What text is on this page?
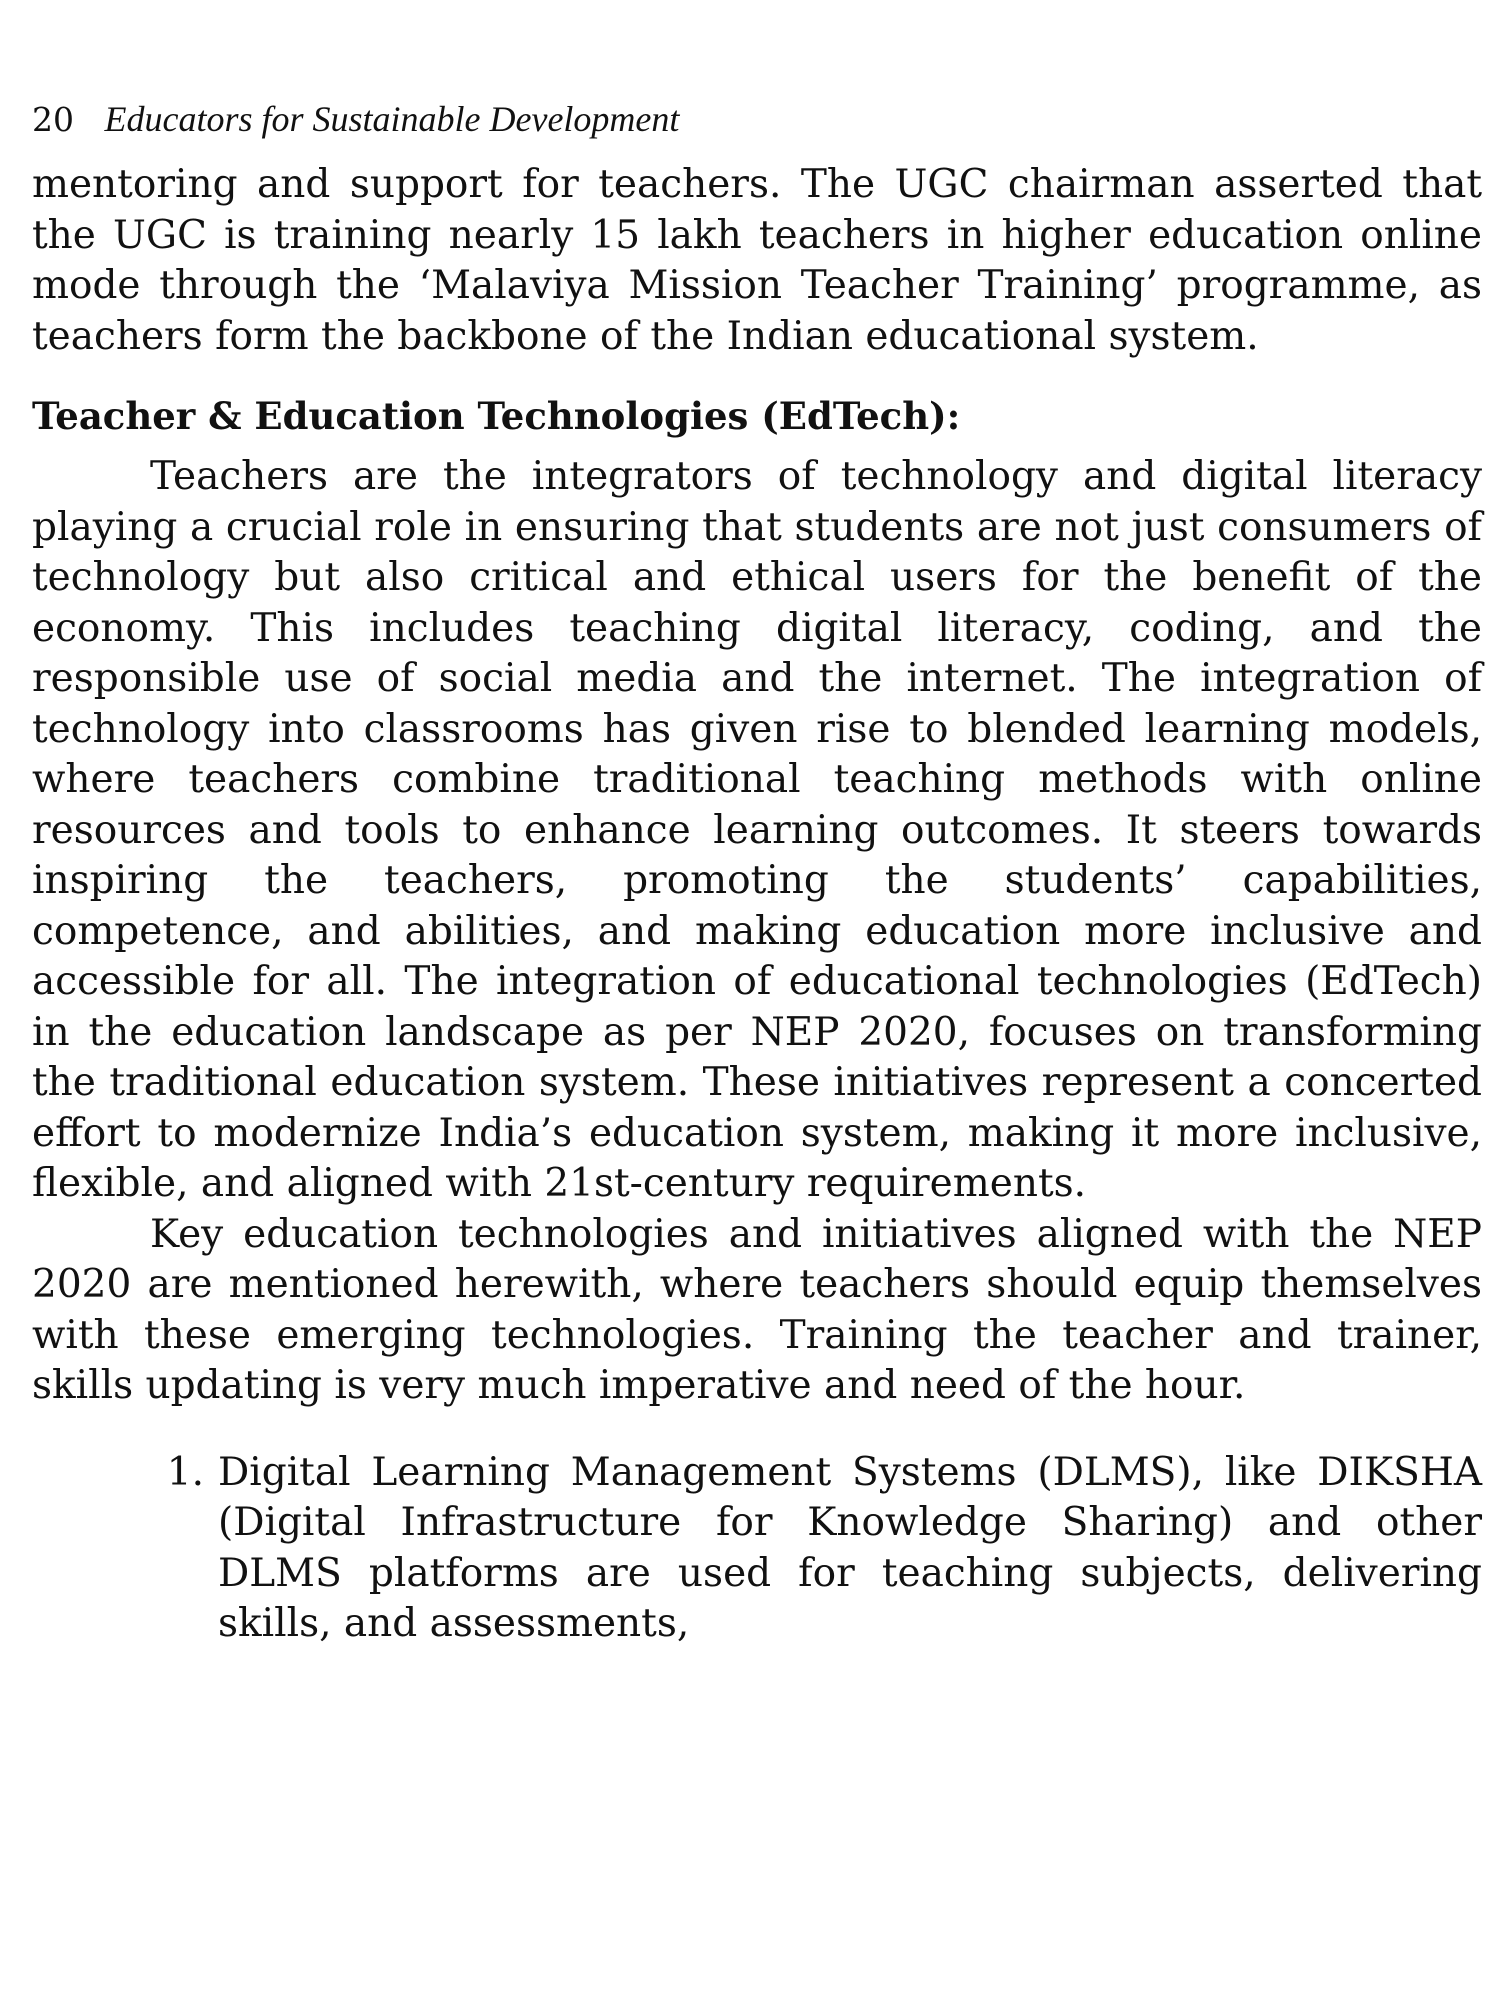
20 Educators for Sustainable Development

mentoring and support for teachers. The UGC chairman asserted that the UGC is training nearly 15 lakh teachers in higher education online mode through the ‘Malaviya Mission Teacher Training’ programme, as teachers form the backbone of the Indian educational system.

Teacher & Education Technologies (EdTech):

Teachers are the integrators of technology and digital literacy playing a crucial role in ensuring that students are not just consumers of technology but also critical and ethical users for the benefit of the economy. This includes teaching digital literacy, coding, and the responsible use of social media and the internet. The integration of technology into classrooms has given rise to blended learning models, where teachers combine traditional teaching methods with online resources and tools to enhance learning outcomes. It steers towards inspiring the teachers, promoting the students’ capabilities, competence, and abilities, and making education more inclusive and accessible for all. The integration of educational technologies (EdTech) in the education landscape as per NEP 2020, focuses on transforming the traditional education system. These initiatives represent a concerted effort to modernize India’s education system, making it more inclusive, flexible, and aligned with 21st-century requirements.

Key education technologies and initiatives aligned with the NEP 2020 are mentioned herewith, where teachers should equip themselves with these emerging technologies. Training the teacher and trainer, skills updating is very much imperative and need of the hour.

1. Digital Learning Management Systems (DLMS), like DIKSHA (Digital Infrastructure for Knowledge Sharing) and other DLMS platforms are used for teaching subjects, delivering skills, and assessments,
